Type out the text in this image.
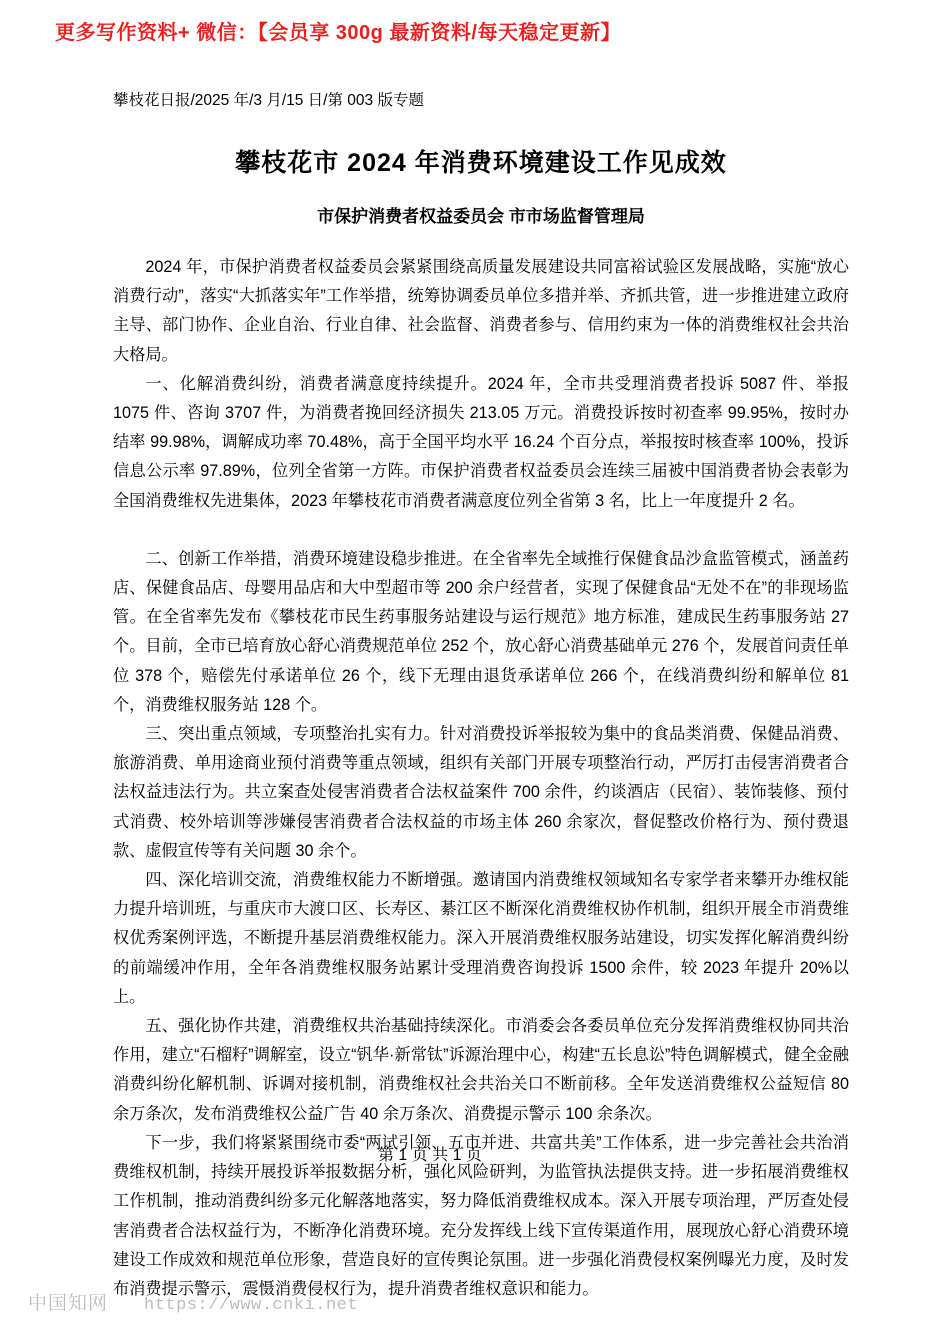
更多写作资料+ 微信：【会员享 300g 最新资料/每天稳定更新】
攀枝花日报/2025 年/3 月/15 日/第 003 版专题
攀枝花市 2024 年消费环境建设工作见成效
市保护消费者权益委员会 市市场监督管理局

2024 年，市保护消费者权益委员会紧紧围绕高质量发展建设共同富裕试验区发展战略，实施“放心消费行动”，落实“大抓落实年”工作举措，统筹协调委员单位多措并举、齐抓共管，进一步推进建立政府主导、部门协作、企业自治、行业自律、社会监督、消费者参与、信用约束为一体的消费维权社会共治大格局。

一、化解消费纠纷，消费者满意度持续提升。2024 年，全市共受理消费者投诉 5087 件、举报 1075 件、咨询 3707 件，为消费者挽回经济损失 213.05 万元。消费投诉按时初查率 99.95%，按时办结率 99.98%，调解成功率 70.48%，高于全国平均水平 16.24 个百分点，举报按时核查率 100%，投诉信息公示率 97.89%，位列全省第一方阵。市保护消费者权益委员会连续三届被中国消费者协会表彰为全国消费维权先进集体，2023 年攀枝花市消费者满意度位列全省第 3 名，比上一年度提升 2 名。

二、创新工作举措，消费环境建设稳步推进。在全省率先全域推行保健食品沙盒监管模式，涵盖药店、保健食品店、母婴用品店和大中型超市等 200 余户经营者，实现了保健食品“无处不在”的非现场监管。在全省率先发布《攀枝花市民生药事服务站建设与运行规范》地方标准，建成民生药事服务站 27 个。目前，全市已培育放心舒心消费规范单位 252 个，放心舒心消费基础单元 276 个，发展首问责任单位 378 个，赔偿先付承诺单位 26 个，线下无理由退货承诺单位 266 个，在线消费纠纷和解单位 81 个，消费维权服务站 128 个。

三、突出重点领域，专项整治扎实有力。针对消费投诉举报较为集中的食品类消费、保健品消费、旅游消费、单用途商业预付消费等重点领域，组织有关部门开展专项整治行动，严厉打击侵害消费者合法权益违法行为。共立案查处侵害消费者合法权益案件 700 余件，约谈酒店（民宿）、装饰装修、预付式消费、校外培训等涉嫌侵害消费者合法权益的市场主体 260 余家次，督促整改价格行为、预付费退款、虚假宣传等有关问题 30 余个。

四、深化培训交流，消费维权能力不断增强。邀请国内消费维权领域知名专家学者来攀开办维权能力提升培训班，与重庆市大渡口区、长寿区、綦江区不断深化消费维权协作机制，组织开展全市消费维权优秀案例评选，不断提升基层消费维权能力。深入开展消费维权服务站建设，切实发挥化解消费纠纷的前端缓冲作用，全年各消费维权服务站累计受理消费咨询投诉 1500 余件，较 2023 年提升 20%以上。

五、强化协作共建，消费维权共治基础持续深化。市消委会各委员单位充分发挥消费维权协同共治作用，建立“石榴籽”调解室，设立“钒华·新常钛”诉源治理中心，构建“五长息讼”特色调解模式，健全金融消费纠纷化解机制、诉调对接机制，消费维权社会共治关口不断前移。全年发送消费维权公益短信 80 余万条次，发布消费维权公益广告 40 余万条次、消费提示警示 100 余条次。

下一步，我们将紧紧围绕市委“两试引领、五市并进、共富共美”工作体系，进一步完善社会共治消费维权机制，持续开展投诉举报数据分析，强化风险研判，为监管执法提供支持。进一步拓展消费维权工作机制，推动消费纠纷多元化解落地落实，努力降低消费维权成本。深入开展专项治理，严厉查处侵害消费者合法权益行为，不断净化消费环境。充分发挥线上线下宣传渠道作用，展现放心舒心消费环境建设工作成效和规范单位形象，营造良好的宣传舆论氛围。进一步强化消费侵权案例曝光力度，及时发布消费提示警示，震慑消费侵权行为，提升消费者维权意识和能力。

第 1 页 共 1 页
中国知网 https://www.cnki.net
